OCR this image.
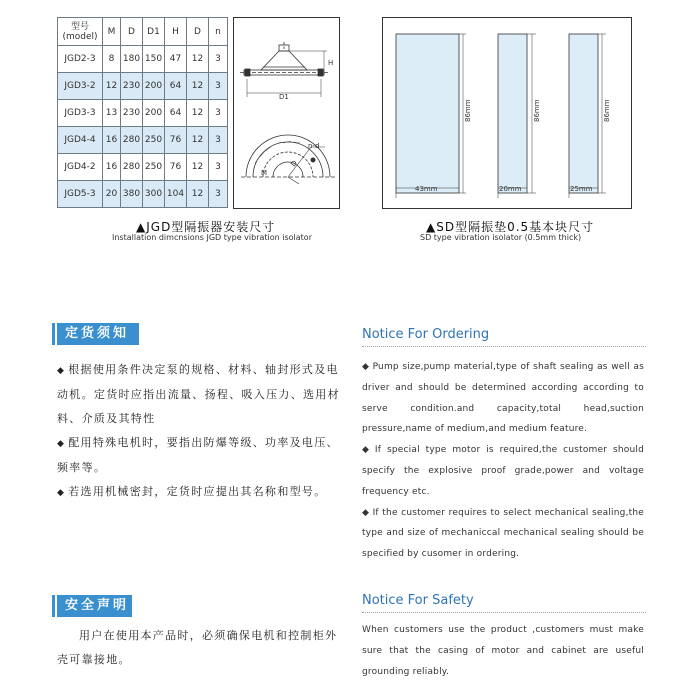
型号
(model)	M	D	D1	H	D	n
JGD2-3	8	180	150	47	12	3
JGD3-2	12	230	200	64	12	3
JGD3-3	13	230	200	64	12	3
JGD4-4	16	280	250	76	12	3
JGD4-2	16	280	250	76	12	3
JGD5-3	20	380	300	104	12	3
H
D1
n-d
M
D
▲JGD型隔振器安装尺寸
Installation dimcnsions JGD type vibration isolator
86mm
43mm
86mm
20mm
86mm
25mm
▲SD型隔振垫0.5基本块尺寸
SD type vibration isolator (0.5mm thick)
定货须知	Notice For Ordering
◆ 根据使用条件决定泵的规格、材料、轴封形式及电动机。定货时应指出流量、扬程、吸入压力、选用材料、介质及其特性
◆ 配用特殊电机时，要指出防爆等级、功率及电压、频率等。
◆ 若选用机械密封，定货时应提出其名称和型号。
◆ Pump size,pump material,type of shaft sealing as well as driver and should be determined according according to serve condition.and capacity,total head,suction pressure,name of medium,and medium feature.
◆ If special type motor is required,the customer should specify the explosive proof grade,power and voltage frequency etc.
◆ If the customer requires to select mechanical sealing,the type and size of mechaniccal mechanical sealing should be specified by cusomer in ordering.
安全声明	Notice For Safety
用户在使用本产品时，必须确保电机和控制柜外壳可靠接地。
When customers use the product ,customers must make sure that the casing of motor and cabinet are useful grounding reliably.
